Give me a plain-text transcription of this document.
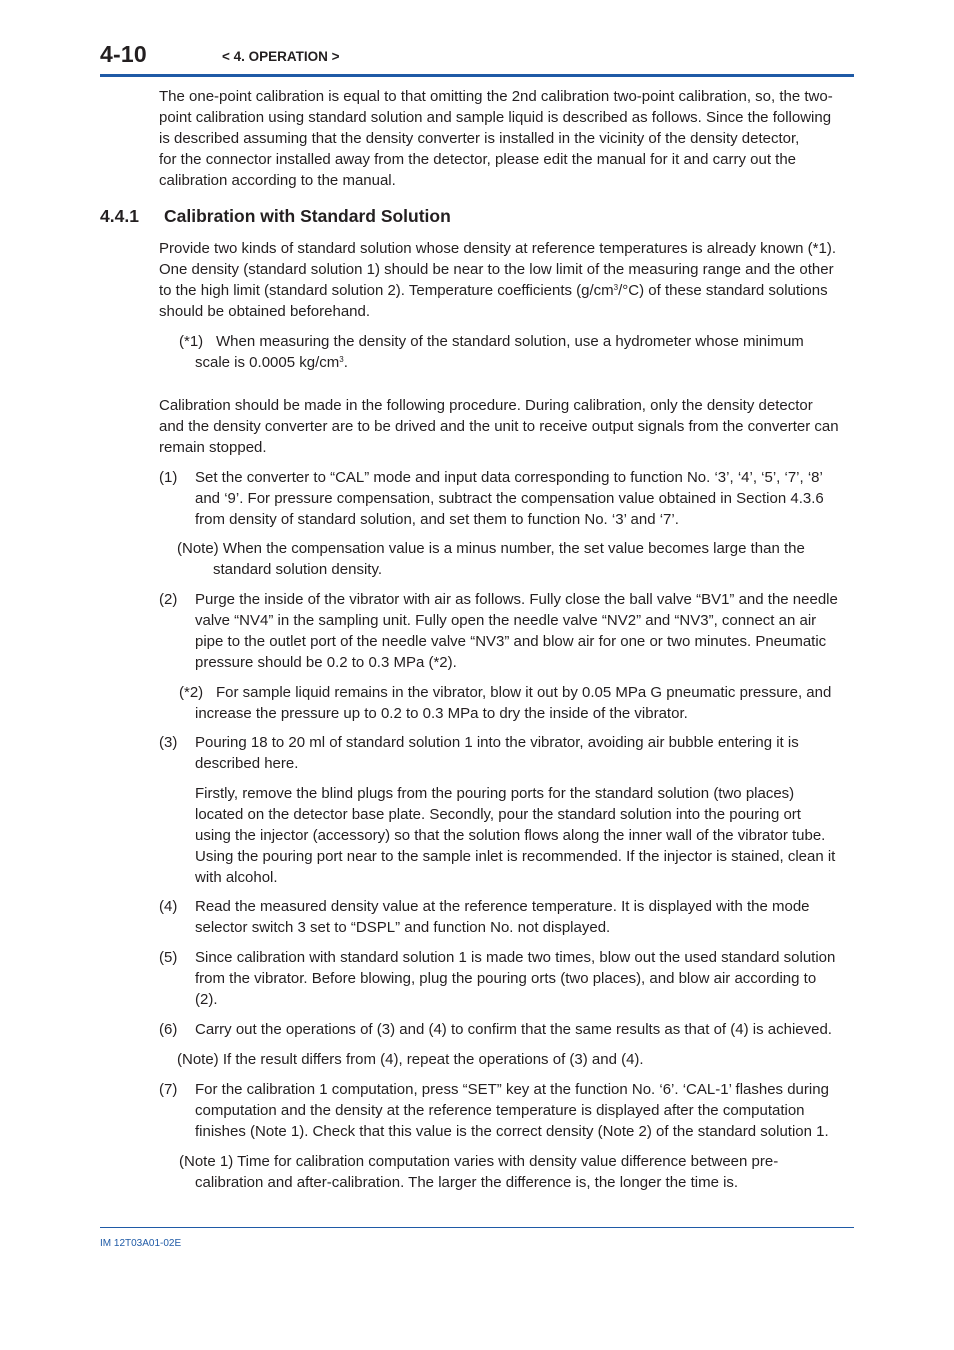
4-10	< 4. OPERATION >

The one-point calibration is equal to that omitting the 2nd calibration two-point calibration, so, the two-

point calibration using standard solution and sample liquid is described as follows. Since the following

is described assuming that the density converter is installed in the vicinity of the density detector,

for the connector installed away from the detector, please edit the manual for it and carry out the

calibration according to the manual.

4.4.1 Calibration with Standard Solution

Provide two kinds of standard solution whose density at reference temperatures is already known (*1).

One density (standard solution 1) should be near to the low limit of the measuring range and the other

to the high limit (standard solution 2). Temperature coefficients $(g/cm^3/^\circ C)$ of these standard solutions

should be obtained beforehand.

(*1) When measuring the density of the standard solution, use a hydrometer whose minimum
scale is 0.0005 $kg/cm^3$.

Calibration should be made in the following procedure. During calibration, only the density detector

and the density converter are to be drived and the unit to receive output signals from the converter can

remain stopped.

(1) Set the converter to “CAL” mode and input data corresponding to function No. ‘3’, ‘4’, ‘5’, ‘7’, ‘8’
and ‘9’. For pressure compensation, subtract the compensation value obtained in Section 4.3.6
from density of standard solution, and set them to function No. ‘3’ and ‘7’.
(Note) When the compensation value is a minus number, the set value becomes large than the
standard solution density.
(2) Purge the inside of the vibrator with air as follows. Fully close the ball valve “BV1” and the needle
valve “NV4” in the sampling unit. Fully open the needle valve “NV2” and “NV3”, connect an air
pipe to the outlet port of the needle valve “NV3” and blow air for one or two minutes. Pneumatic
pressure should be 0.2 to 0.3 MPa (*2).
(*2) For sample liquid remains in the vibrator, blow it out by 0.05 MPa G pneumatic pressure, and
increase the pressure up to 0.2 to 0.3 MPa to dry the inside of the vibrator.
(3) Pouring 18 to 20 ml of standard solution 1 into the vibrator, avoiding air bubble entering it is
described here.
Firstly, remove the blind plugs from the pouring ports for the standard solution (two places)
located on the detector base plate. Secondly, pour the standard solution into the pouring ort
using the injector (accessory) so that the solution flows along the inner wall of the vibrator tube.
Using the pouring port near to the sample inlet is recommended. If the injector is stained, clean it
with alcohol.
(4) Read the measured density value at the reference temperature. It is displayed with the mode
selector switch 3 set to “DSPL” and function No. not displayed.
(5) Since calibration with standard solution 1 is made two times, blow out the used standard solution
from the vibrator. Before blowing, plug the pouring orts (two places), and blow air according to
(2).
(6) Carry out the operations of (3) and (4) to confirm that the same results as that of (4) is achieved.
(Note) If the result differs from (4), repeat the operations of (3) and (4).
(7) For the calibration 1 computation, press “SET” key at the function No. ‘6’. ‘CAL-1’ flashes during
computation and the density at the reference temperature is displayed after the computation
finishes (Note 1). Check that this value is the correct density (Note 2) of the standard solution 1.
(Note 1) Time for calibration computation varies with density value difference between pre-
calibration and after-calibration. The larger the difference is, the longer the time is.
IM 12T03A01-02E
